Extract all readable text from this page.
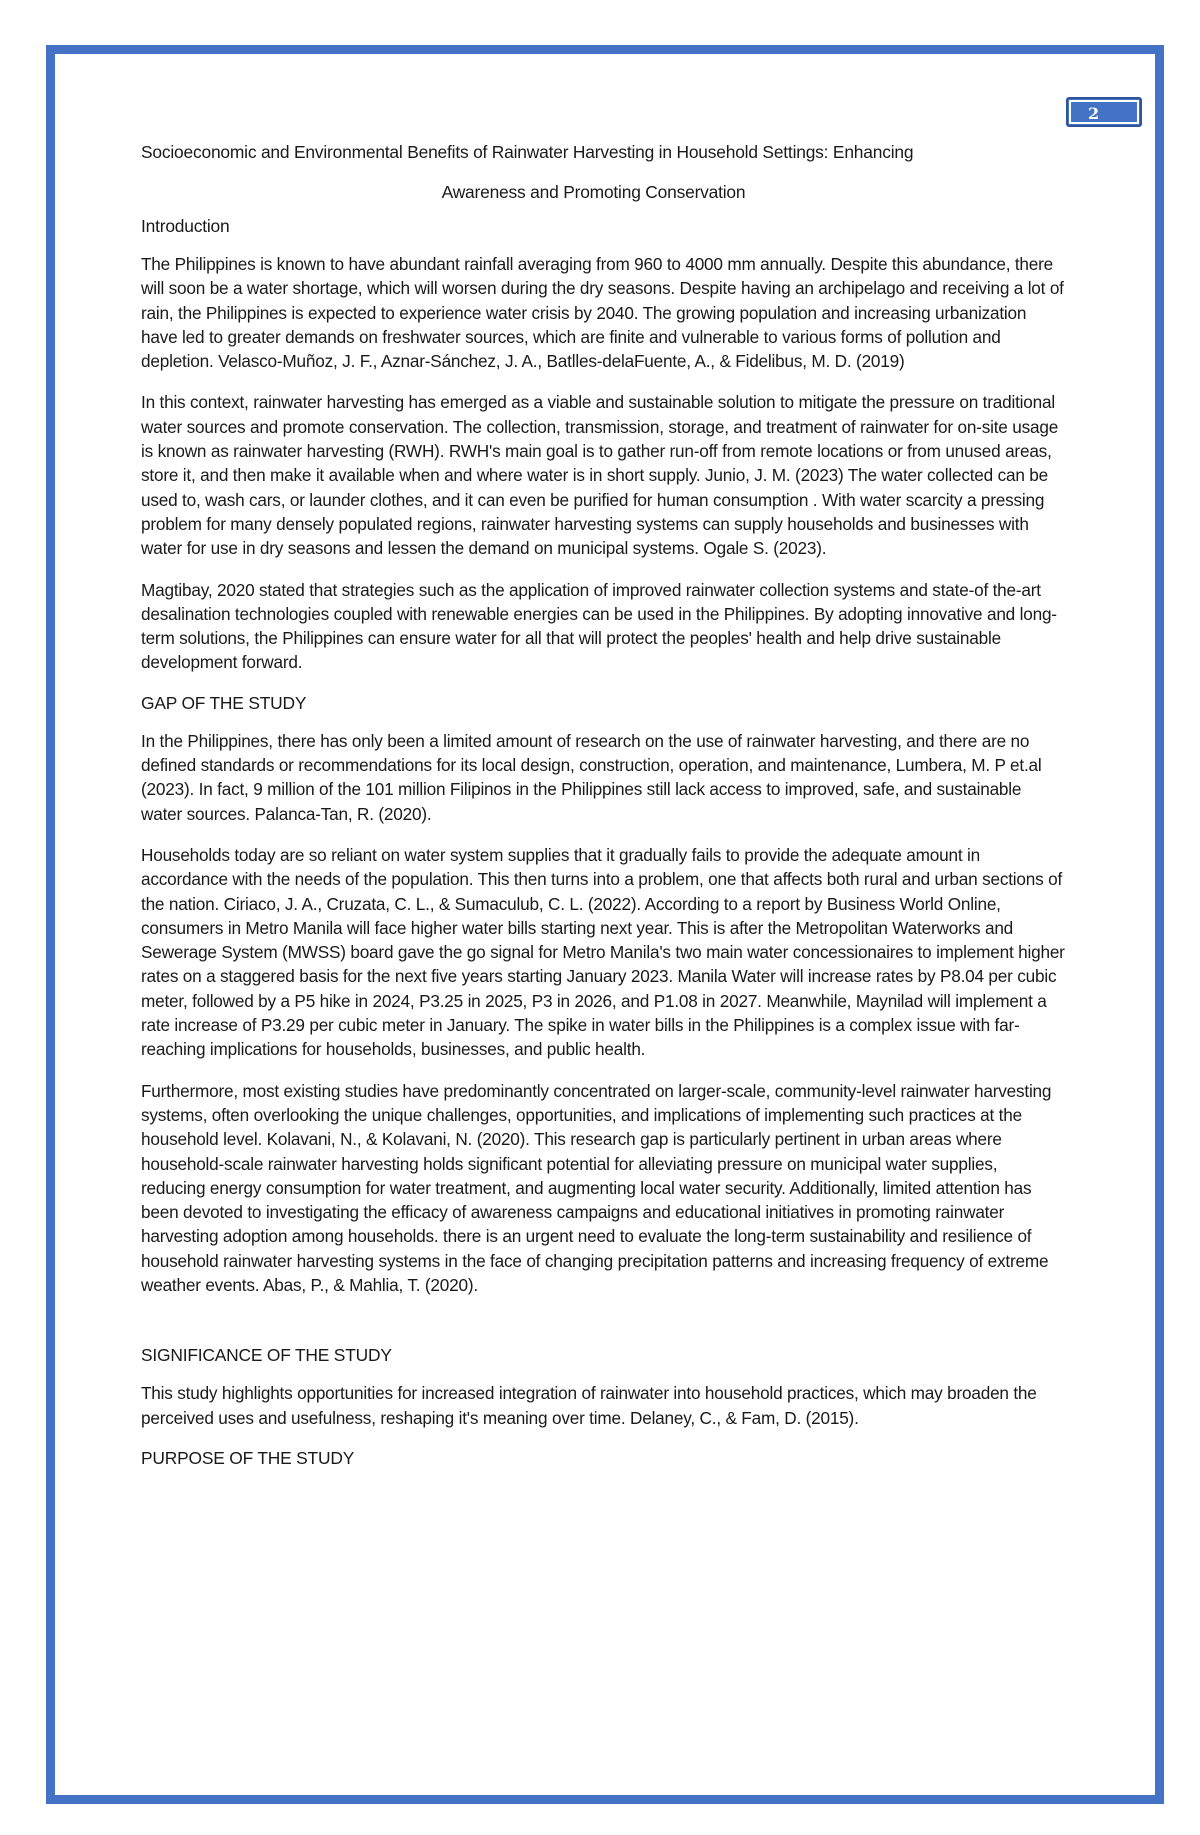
2
Socioeconomic and Environmental Benefits of Rainwater Harvesting in Household Settings: Enhancing
Awareness and Promoting Conservation
Introduction

The Philippines is known to have abundant rainfall averaging from 960 to 4000 mm annually. Despite this abundance, there will soon be a water shortage, which will worsen during the dry seasons. Despite having an archipelago and receiving a lot of rain, the Philippines is expected to experience water crisis by 2040. The growing population and increasing urbanization have led to greater demands on freshwater sources, which are finite and vulnerable to various forms of pollution and depletion. Velasco-Muñoz, J. F., Aznar-Sánchez, J. A., Batlles-delaFuente, A., & Fidelibus, M. D. (2019)

In this context, rainwater harvesting has emerged as a viable and sustainable solution to mitigate the pressure on traditional water sources and promote conservation. The collection, transmission, storage, and treatment of rainwater for on-site usage is known as rainwater harvesting (RWH). RWH's main goal is to gather run-off from remote locations or from unused areas, store it, and then make it available when and where water is in short supply. Junio, J. M. (2023) The water collected can be used to, wash cars, or launder clothes, and it can even be purified for human consumption . With water scarcity a pressing problem for many densely populated regions, rainwater harvesting systems can supply households and businesses with water for use in dry seasons and lessen the demand on municipal systems. Ogale S. (2023).

Magtibay, 2020 stated that strategies such as the application of improved rainwater collection systems and state-of the-art desalination technologies coupled with renewable energies can be used in the Philippines. By adopting innovative and long-term solutions, the Philippines can ensure water for all that will protect the peoples' health and help drive sustainable development forward.

GAP OF THE STUDY

In the Philippines, there has only been a limited amount of research on the use of rainwater harvesting, and there are no defined standards or recommendations for its local design, construction, operation, and maintenance, Lumbera, M. P et.al (2023). In fact, 9 million of the 101 million Filipinos in the Philippines still lack access to improved, safe, and sustainable water sources. Palanca-Tan, R. (2020).

Households today are so reliant on water system supplies that it gradually fails to provide the adequate amount in accordance with the needs of the population. This then turns into a problem, one that affects both rural and urban sections of the nation. Ciriaco, J. A., Cruzata, C. L., & Sumaculub, C. L. (2022). According to a report by Business World Online, consumers in Metro Manila will face higher water bills starting next year. This is after the Metropolitan Waterworks and Sewerage System (MWSS) board gave the go signal for Metro Manila's two main water concessionaires to implement higher rates on a staggered basis for the next five years starting January 2023. Manila Water will increase rates by P8.04 per cubic meter, followed by a P5 hike in 2024, P3.25 in 2025, P3 in 2026, and P1.08 in 2027. Meanwhile, Maynilad will implement a rate increase of P3.29 per cubic meter in January. The spike in water bills in the Philippines is a complex issue with far-reaching implications for households, businesses, and public health.

Furthermore, most existing studies have predominantly concentrated on larger-scale, community-level rainwater harvesting systems, often overlooking the unique challenges, opportunities, and implications of implementing such practices at the household level. Kolavani, N., & Kolavani, N. (2020). This research gap is particularly pertinent in urban areas where household-scale rainwater harvesting holds significant potential for alleviating pressure on municipal water supplies, reducing energy consumption for water treatment, and augmenting local water security. Additionally, limited attention has been devoted to investigating the efficacy of awareness campaigns and educational initiatives in promoting rainwater harvesting adoption among households. there is an urgent need to evaluate the long-term sustainability and resilience of household rainwater harvesting systems in the face of changing precipitation patterns and increasing frequency of extreme weather events. Abas, P., & Mahlia, T. (2020).

SIGNIFICANCE OF THE STUDY

This study highlights opportunities for increased integration of rainwater into household practices, which may broaden the perceived uses and usefulness, reshaping it's meaning over time. Delaney, C., & Fam, D. (2015).

PURPOSE OF THE STUDY
